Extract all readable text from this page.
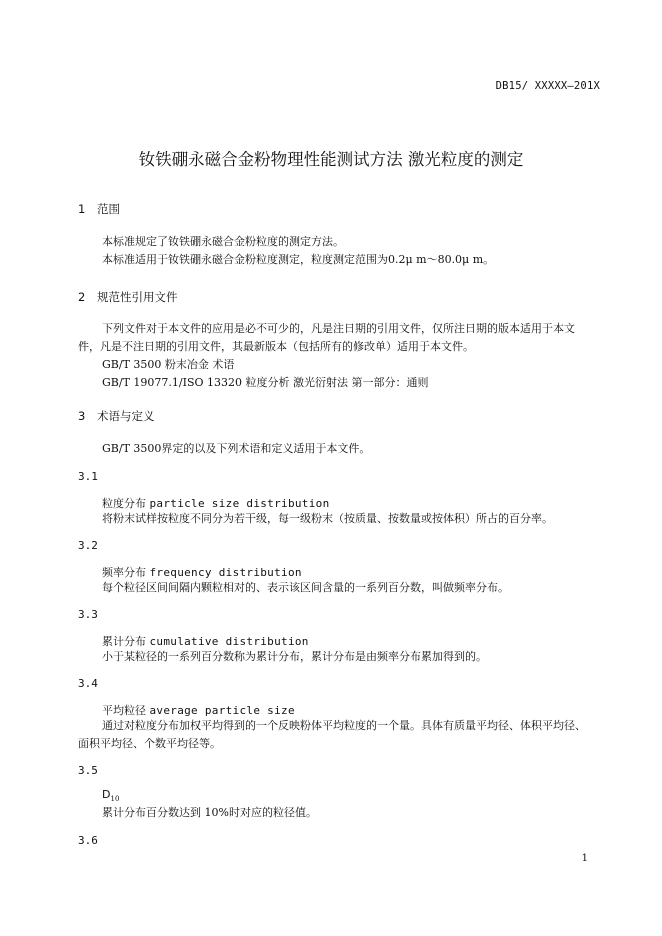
DB15/ XXXXX—201X
钕铁硼永磁合金粉物理性能测试方法 激光粒度的测定
1 范围
本标准规定了钕铁硼永磁合金粉粒度的测定方法。
本标准适用于钕铁硼永磁合金粉粒度测定，粒度测定范围为0.2μ m～80.0μ m。
2 规范性引用文件
下列文件对于本文件的应用是必不可少的，凡是注日期的引用文件，仅所注日期的版本适用于本文
件，凡是不注日期的引用文件，其最新版本（包括所有的修改单）适用于本文件。
GB/T 3500 粉末冶金 术语
GB/T 19077.1/ISO 13320 粒度分析 激光衍射法 第一部分：通则
3 术语与定义
GB/T 3500界定的以及下列术语和定义适用于本文件。
3.1
粒度分布 particle size distribution
将粉末试样按粒度不同分为若干级，每一级粉末（按质量、按数量或按体积）所占的百分率。
3.2
频率分布 frequency distribution
每个粒径区间间隔内颗粒相对的、表示该区间含量的一系列百分数，叫做频率分布。
3.3
累计分布 cumulative distribution
小于某粒径的一系列百分数称为累计分布，累计分布是由频率分布累加得到的。
3.4
平均粒径 average particle size
通过对粒度分布加权平均得到的一个反映粉体平均粒度的一个量。具体有质量平均径、体积平均径、
面积平均径、个数平均径等。
3.5
$D_{10}$
累计分布百分数达到 10%时对应的粒径值。
3.6
1
